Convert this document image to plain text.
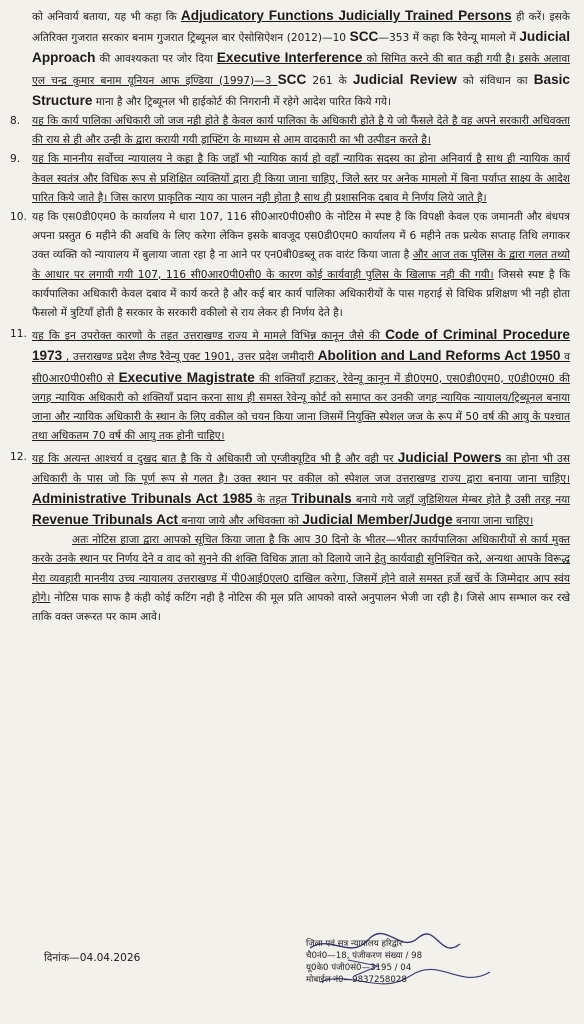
को अनिवार्य बताया, यह भी कहा कि Adjudicatory Functions Judicially Trained Persons ही करें। इसके अतिरिक्त गुजरात सरकार बनाम गुजरात ट्रिब्यूनल बार ऐसोसिऐशन (2012)—10 SCC—353 में कहा कि रैवेन्यू मामलो में Judicial Approach की आवश्यकता पर जोर दिया Executive Interference को सिमित करने की बात कही गयी है। इसके अलावा एल चन्द्र कुमार बनाम यूनियन आफ इण्डिया (1997)—3 SCC 261 के Judicial Review को संविधान का Basic Structure माना है और ट्रिब्यूनल भी हाईकोर्ट की निगरानी में रहेगे आदेश पारित किये गये।

8. यह कि कार्य पालिका अधिकारी जो जज नही होते है केवल कार्य पालिका के अधिकारी होते है ये जो फैंसले देते है वह अपने सरकारी अधिवक्ता की राय से ही और उन्ही के द्वारा करायी गयी ड्राफ्टिंग के माध्यम से आम वादकारी का भी उत्पीडन करते है।

9. यह कि माननीय सर्वोच्च न्यायालय ने कहा है कि जहाँ भी न्यायिक कार्य हो वहाँ न्यायिक सदस्य का होना अनिवार्य है साथ ही न्यायिक कार्य केवल स्वतंत्र और विधिक रूप से प्रशिक्षित व्यक्तियों द्वारा ही किया जाना चाहिए, जिले स्तर पर अनेक मामलो में बिना पर्याप्त साक्ष्य के आदेश पारित किये जाते है। जिस कारण प्राकृतिक न्याय का पालन नही होता है साथ ही प्रशासनिक दबाव मे निर्णय लिये जाते है।

10. यह कि एस0डी0एम0 के कार्यालय मे धारा 107, 116 सी0आर0पी0सी0 के नोटिस मे स्पष्ट है कि विपक्षी केवल एक जमानती और बंधपत्र अपना प्रस्तुत 6 महीने की अवधि के लिए करेगा लेकिन इसके बावजूद एस0डी0एम0 कार्यालय में 6 महीने तक प्रत्येक सप्ताह तिथि लगाकर उक्त व्यक्ति को न्यायालय में बुलाया जाता रहा है ना आने पर एन0बी0डब्लू तक वारंट किया जाता है और आज तक पुलिस के द्वारा गलत तथ्यो के आधार पर लगायी गयी 107, 116 सी0आर0पी0सी0 के कारण कोई कार्यवाही पुलिस के खिलाफ नही की गयी। जिससे स्पष्ट है कि कार्यपालिका अधिकारी केवल दबाव में कार्य करते है और कई बार कार्य पालिका अधिकारीयों के पास गहराई से विधिक प्रशिक्षण भी नही होता फैसलो में त्रुटियाँ होती है सरकार के सरकारी वकीलो से राय लेकर ही निर्णय देते है।

11. यह कि इन उपरोक्त कारणो के तहत उत्तराखण्ड राज्य मे मामले विभिन्न कानून जैसे की Code of Criminal Procedure 1973 , उत्तराखण्ड प्रदेश लैण्ड रैवेन्यू एक्ट 1901, उत्तर प्रदेश जमीदारी Abolition and Land Reforms Act 1950 व सी0आर0पी0सी0 से Executive Magistrate की शक्तियॉं हटाकर, रेवेन्यू कानून में डी0एम0, एस0डी0एम0, ए0डी0एम0 की जगह न्यायिक अधिकारी को शक्तियॉं प्रदान करना साथ ही समस्त रेवेन्यू कोर्ट को समाप्त कर उनकी जगह न्यायिक न्यायालय/ट्रिब्यूनल बनाया जाना और न्यायिक अधिकारी के स्थान के लिए वकील को चयन किया जाना जिसमें नियुक्ति स्पेशल जज के रूप में 50 वर्ष की आयु के पश्चात तथा अधिकतम 70 वर्ष की आयु तक होनी चाहिए।

12. यह कि अत्यन्त आश्चर्य व दुखद बात है कि ये अधिकारी जो एग्जीक्यूटिव भी है और वही पर Judicial Powers का होना भी उस अधिकारी के पास जो कि पूर्ण रूप से गलत है। उक्त स्थान पर वकील को स्पेशल जज उत्तराखण्ड राज्य द्वारा बनाया जाना चाहिए। Administrative Tribunals Act 1985 के तहत Tribunals बनाये गये जहॉं जुडिशियल मेम्बर होते है उसी तरह नया Revenue Tribunals Act बनाया जाये और अधिवक्ता को Judicial Member/Judge बनाया जाना चाहिए।

अतः नोटिस हाजा द्वारा आपको सूचित किया जाता है कि आप 30 दिनो के भीतर—भीतर कार्यपालिका अधिकारीयों से कार्य मुक्त करके उनके स्थान पर निर्णय देने व वाद को सुनने की शक्ति विधिक ज्ञाता को दिलाये जाने हेतु कार्यवाही सुनिश्चित करे, अन्यथा आपके विरूद्ध मेरा व्यवहारी माननीय उच्च न्यायालय उत्तराखण्ड में पी0आई0एल0 दाखिल करेगा, जिसमें होने वाले समस्त हर्जे खर्चे के जिम्मेदार आप स्वंय होगे। नोटिस पाक साफ है कंही कोई कटिंग नही है नोटिस की मूल प्रति आपको वास्ते अनुपालन भेजी जा रही है। जिसे आप सम्भाल कर रखे ताकि वक्त जरूरत पर काम आवे।

दिनांक—04.04.2026
जिला एवं सत्र न्यायालय हरिद्वार
चै0नं0—18, पंजीकरण संख्या / 98
यू0के0 पंजी0सं0—3195 / 04
मोबाईल नं0—9837258028
